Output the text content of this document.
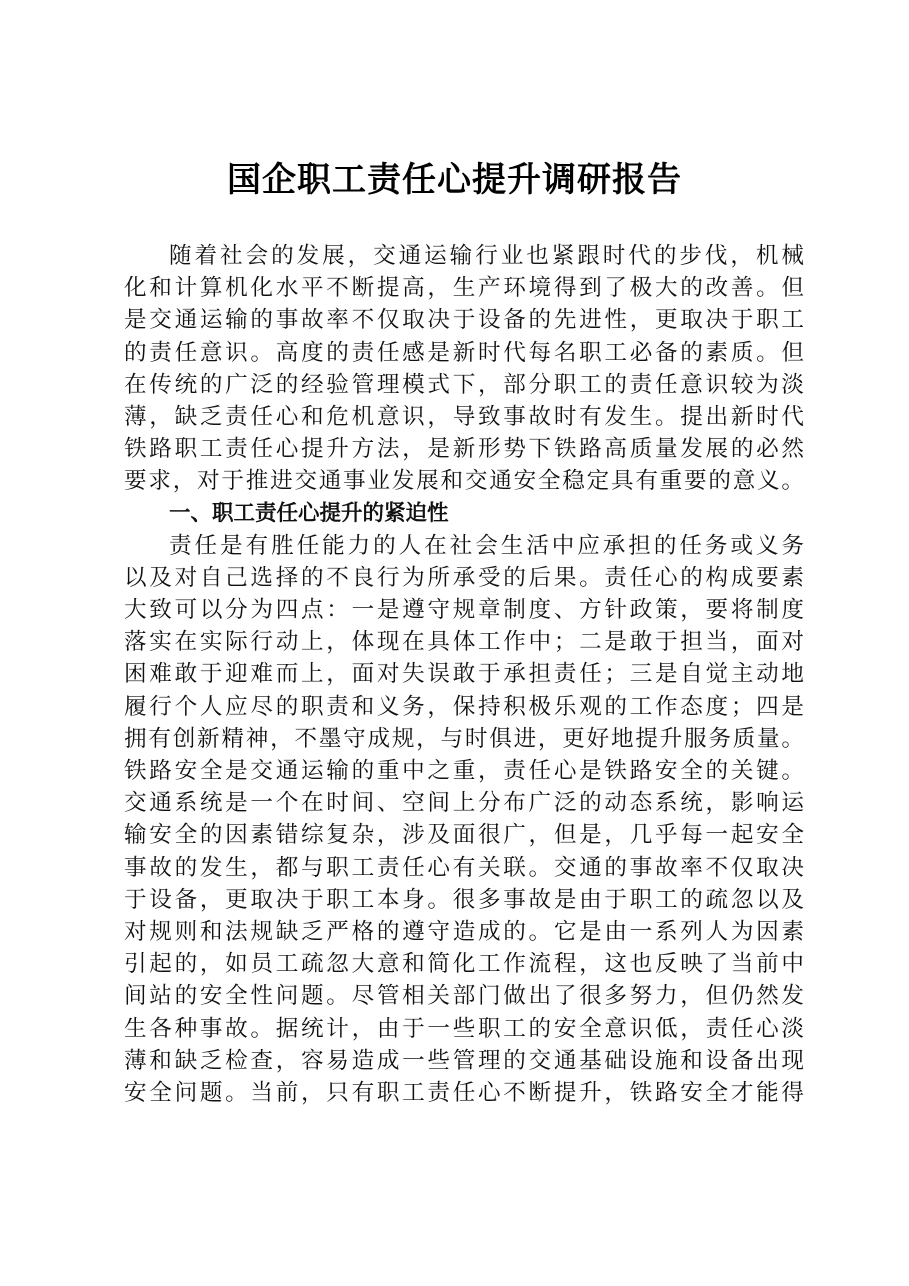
国企职工责任心提升调研报告
随着社会的发展，交通运输行业也紧跟时代的步伐，机械
化和计算机化水平不断提高，生产环境得到了极大的改善。但
是交通运输的事故率不仅取决于设备的先进性，更取决于职工
的责任意识。高度的责任感是新时代每名职工必备的素质。但
在传统的广泛的经验管理模式下，部分职工的责任意识较为淡
薄，缺乏责任心和危机意识，导致事故时有发生。提出新时代
铁路职工责任心提升方法，是新形势下铁路高质量发展的必然
要求，对于推进交通事业发展和交通安全稳定具有重要的意义。
一、职工责任心提升的紧迫性
责任是有胜任能力的人在社会生活中应承担的任务或义务
以及对自己选择的不良行为所承受的后果。责任心的构成要素
大致可以分为四点：一是遵守规章制度、方针政策，要将制度
落实在实际行动上，体现在具体工作中；二是敢于担当，面对
困难敢于迎难而上，面对失误敢于承担责任；三是自觉主动地
履行个人应尽的职责和义务，保持积极乐观的工作态度；四是
拥有创新精神，不墨守成规，与时俱进，更好地提升服务质量。
铁路安全是交通运输的重中之重，责任心是铁路安全的关键。
交通系统是一个在时间、空间上分布广泛的动态系统，影响运
输安全的因素错综复杂，涉及面很广，但是，几乎每一起安全
事故的发生，都与职工责任心有关联。交通的事故率不仅取决
于设备，更取决于职工本身。很多事故是由于职工的疏忽以及
对规则和法规缺乏严格的遵守造成的。它是由一系列人为因素
引起的，如员工疏忽大意和简化工作流程，这也反映了当前中
间站的安全性问题。尽管相关部门做出了很多努力，但仍然发
生各种事故。据统计，由于一些职工的安全意识低，责任心淡
薄和缺乏检查，容易造成一些管理的交通基础设施和设备出现
安全问题。当前，只有职工责任心不断提升，铁路安全才能得
